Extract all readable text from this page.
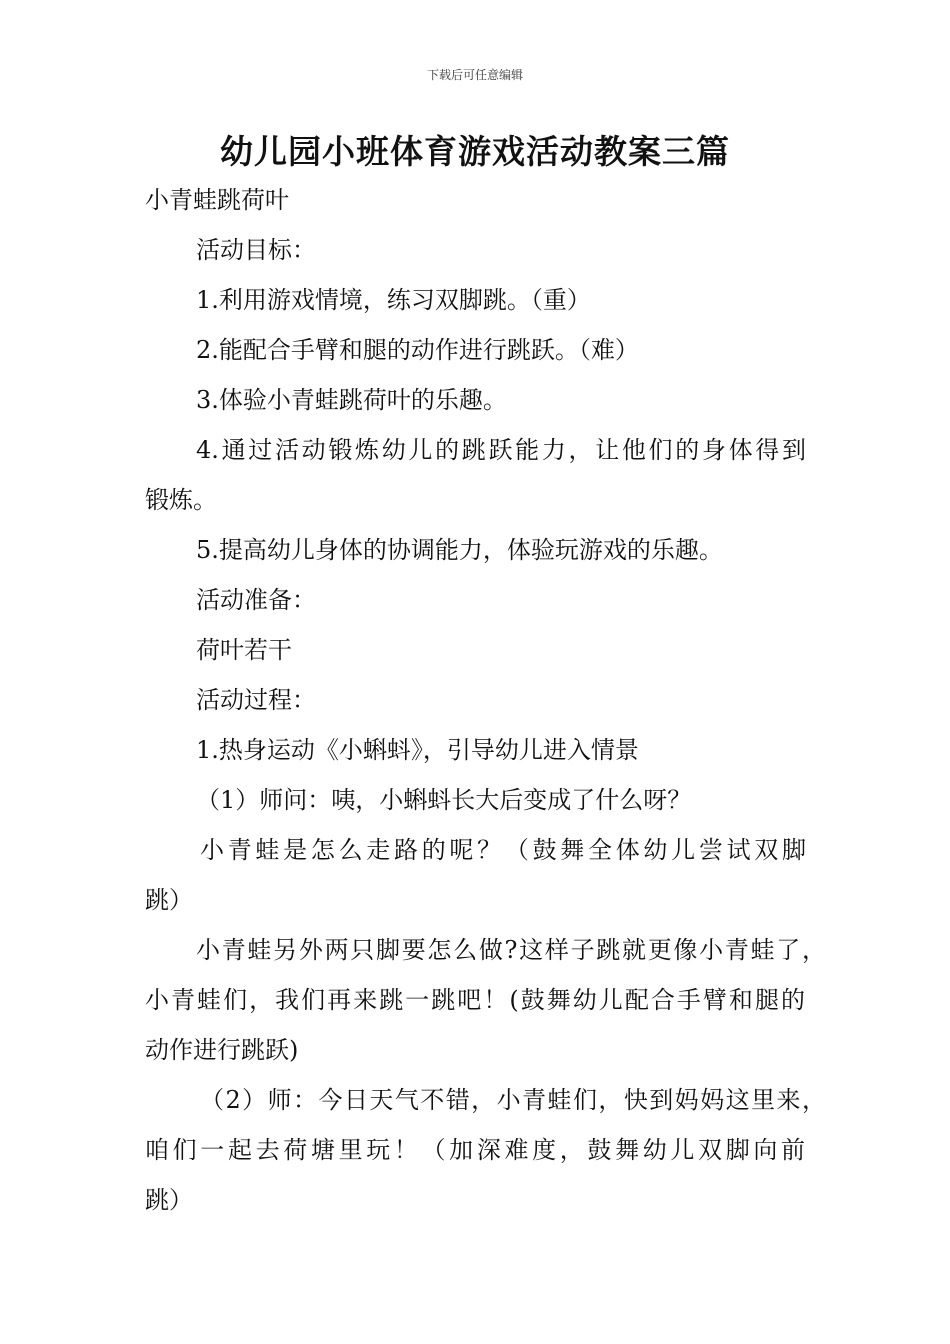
下载后可任意编辑
幼儿园小班体育游戏活动教案三篇
小青蛙跳荷叶
活动目标：
1.利用游戏情境，练习双脚跳。（重）
2.能配合手臂和腿的动作进行跳跃。（难）
3.体验小青蛙跳荷叶的乐趣。
4.通过活动锻炼幼儿的跳跃能力，让他们的身体得到
锻炼。
5.提高幼儿身体的协调能力，体验玩游戏的乐趣。
活动准备：
荷叶若干
活动过程：
1.热身运动《小蝌蚪》，引导幼儿进入情景
（1）师问：咦，小蝌蚪长大后变成了什么呀？
小青蛙是怎么走路的呢？（鼓舞全体幼儿尝试双脚
跳）
小青蛙另外两只脚要怎么做?这样子跳就更像小青蛙了，
小青蛙们，我们再来跳一跳吧！(鼓舞幼儿配合手臂和腿的
动作进行跳跃)
（2）师：今日天气不错，小青蛙们，快到妈妈这里来，
咱们一起去荷塘里玩！（加深难度，鼓舞幼儿双脚向前
跳）
